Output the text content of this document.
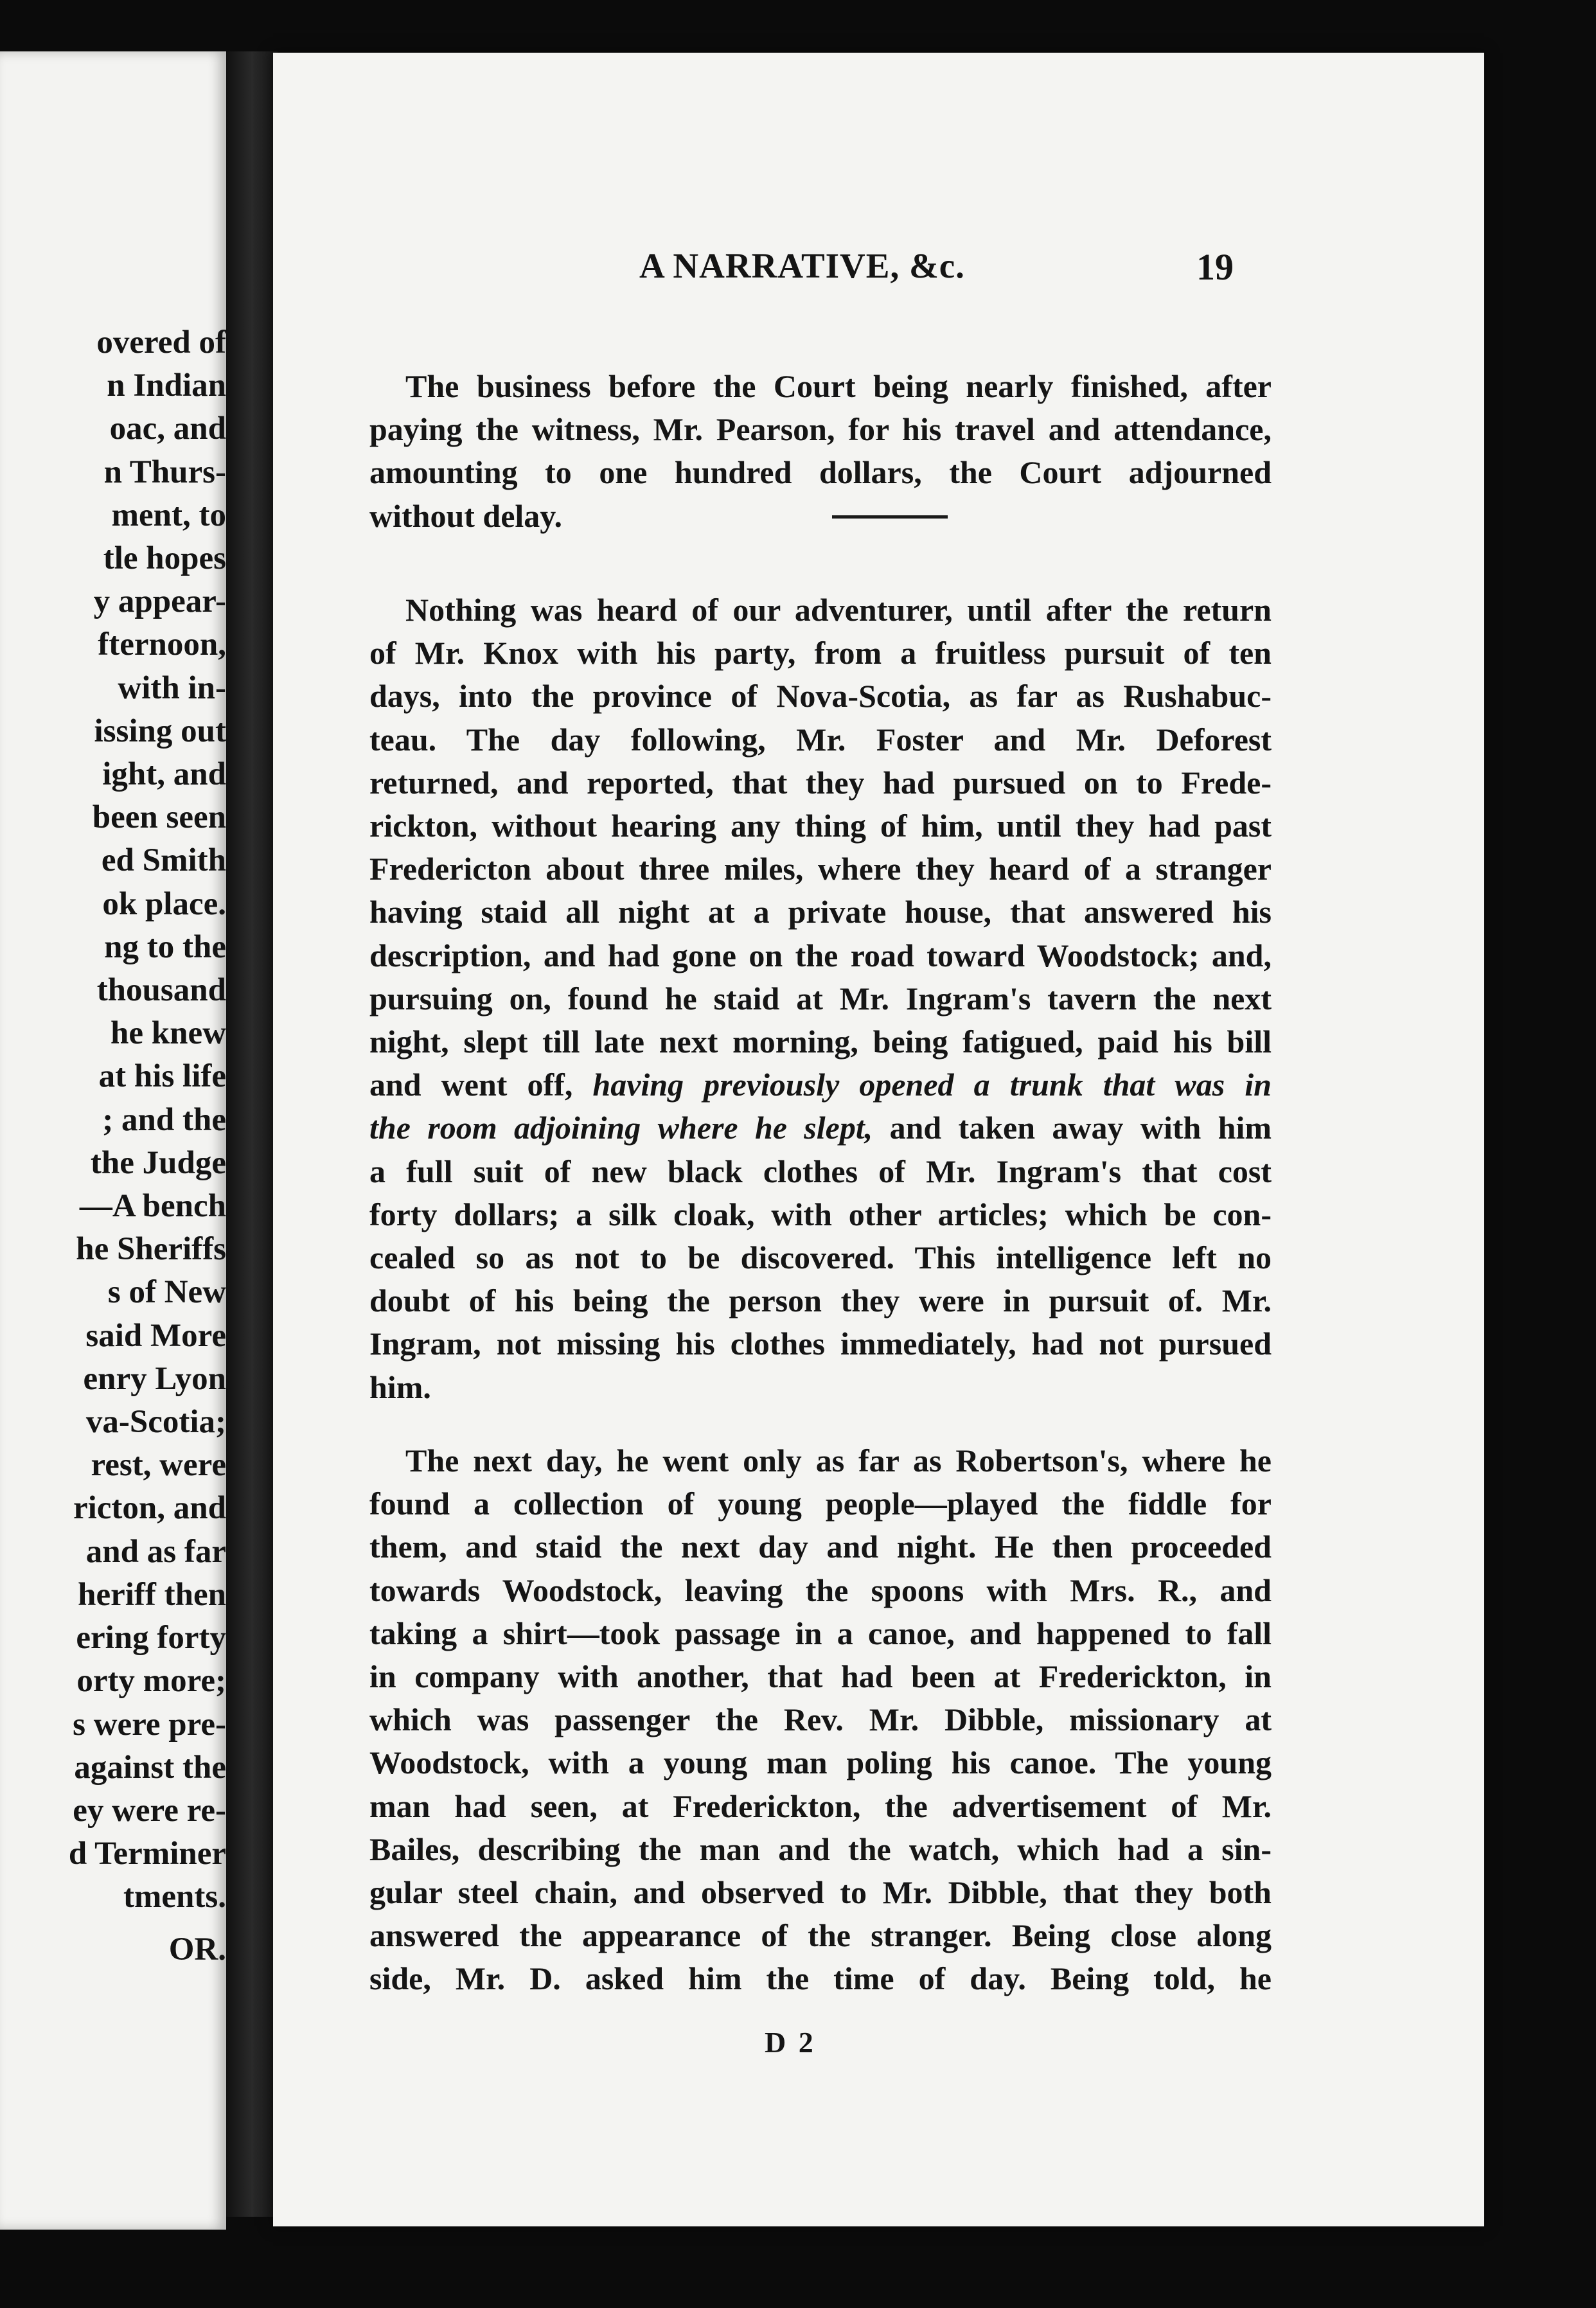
overed of
n Indian
oac, and
n Thurs-
ment, to
tle hopes
y appear-
fternoon,
with in-
issing out
ight, and
been seen
ed Smith
ok place.
ng to the
thousand
he knew
at his life
; and the
the Judge
—A bench
he Sheriffs
s of New
said More
enry Lyon
va-Scotia;
rest, were
ricton, and
and as far
heriff then
ering forty
orty more;
s were pre-
against the
ey were re-
d Terminer
tments.
OR.
A NARRATIVE, &c.	19
The business before the Court being nearly finished, after
paying the witness, Mr. Pearson, for his travel and attendance,
amounting to one hundred dollars, the Court adjourned
without delay.
Nothing was heard of our adventurer, until after the return
of Mr. Knox with his party, from a fruitless pursuit of ten
days, into the province of Nova-Scotia, as far as Rushabuc-
teau. The day following, Mr. Foster and Mr. Deforest
returned, and reported, that they had pursued on to Frede-
rickton, without hearing any thing of him, until they had past
Fredericton about three miles, where they heard of a stranger
having staid all night at a private house, that answered his
description, and had gone on the road toward Woodstock; and,
pursuing on, found he staid at Mr. Ingram's tavern the next
night, slept till late next morning, being fatigued, paid his bill
and went off, having previously opened a trunk that was in
the room adjoining where he slept, and taken away with him
a full suit of new black clothes of Mr. Ingram's that cost
forty dollars; a silk cloak, with other articles; which be con-
cealed so as not to be discovered. This intelligence left no
doubt of his being the person they were in pursuit of. Mr.
Ingram, not missing his clothes immediately, had not pursued
him.
The next day, he went only as far as Robertson's, where he
found a collection of young people—played the fiddle for
them, and staid the next day and night. He then proceeded
towards Woodstock, leaving the spoons with Mrs. R., and
taking a shirt—took passage in a canoe, and happened to fall
in company with another, that had been at Frederickton, in
which was passenger the Rev. Mr. Dibble, missionary at
Woodstock, with a young man poling his canoe. The young
man had seen, at Frederickton, the advertisement of Mr.
Bailes, describing the man and the watch, which had a sin-
gular steel chain, and observed to Mr. Dibble, that they both
answered the appearance of the stranger. Being close along
side, Mr. D. asked him the time of day. Being told, he
D 2
